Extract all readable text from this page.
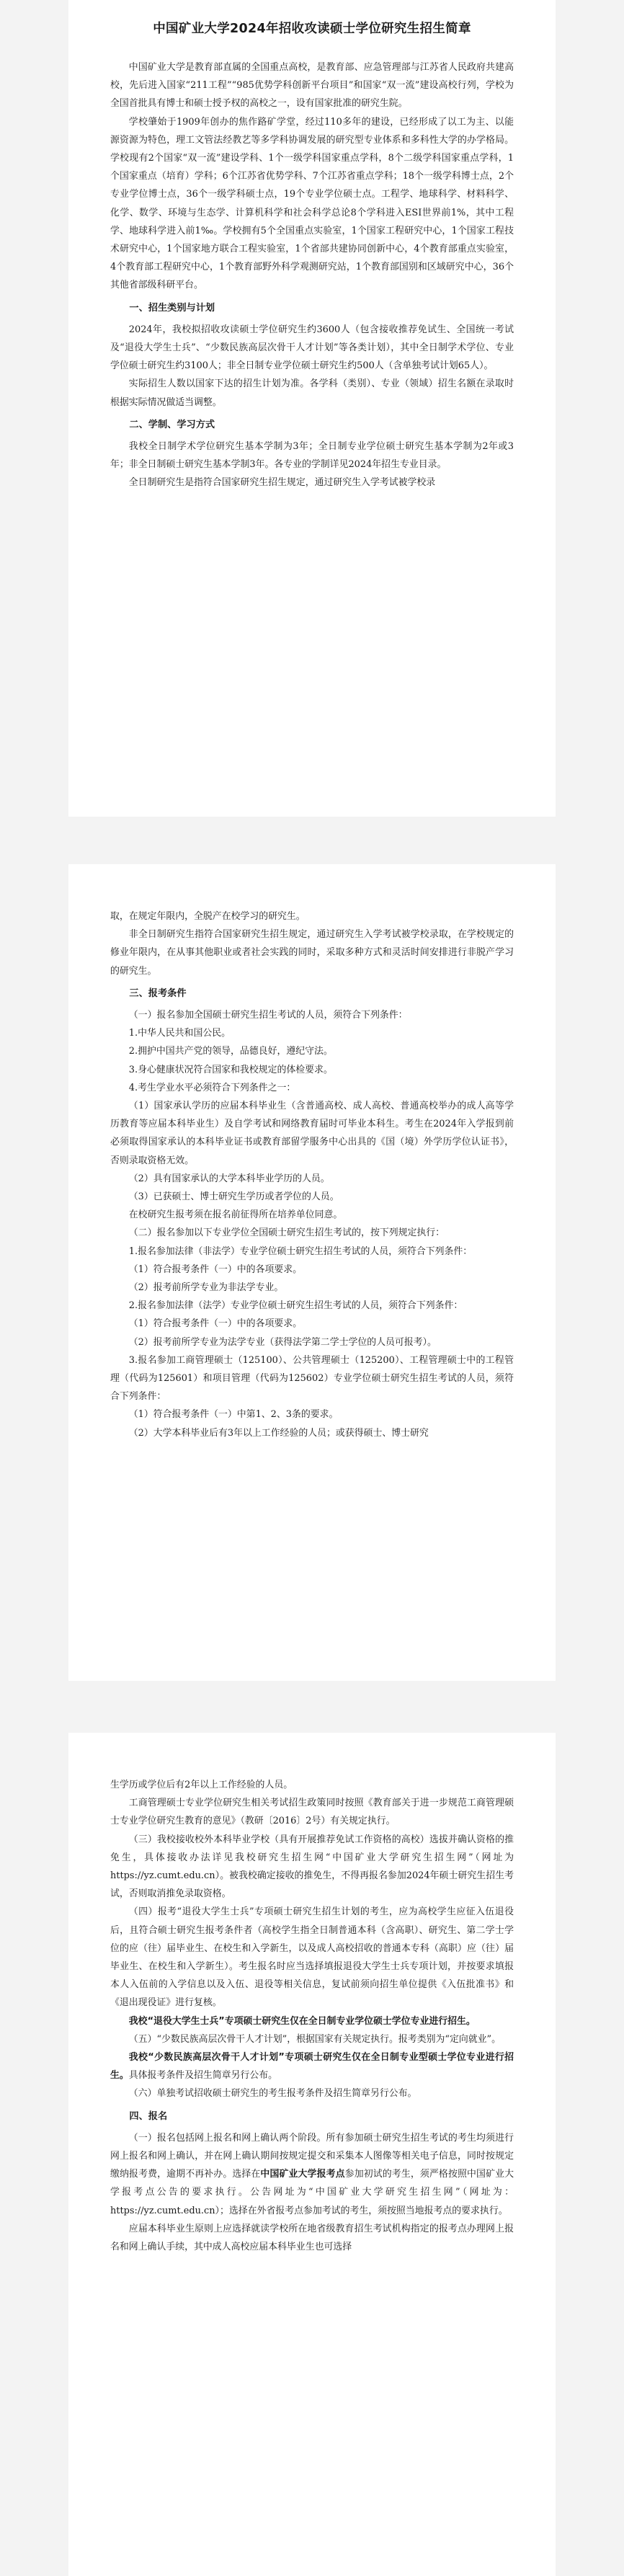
中国矿业大学2024年招收攻读硕士学位研究生招生简章

中国矿业大学是教育部直属的全国重点高校，是教育部、应急管理部与江苏省人民政府共建高校，先后进入国家“211工程”“985优势学科创新平台项目”和国家“双一流”建设高校行列，学校为全国首批具有博士和硕士授予权的高校之一，设有国家批准的研究生院。

学校肇始于1909年创办的焦作路矿学堂，经过110多年的建设，已经形成了以工为主、以能源资源为特色，理工文管法经教艺等多学科协调发展的研究型专业体系和多科性大学的办学格局。学校现有2个国家“双一流”建设学科、1个一级学科国家重点学科，8个二级学科国家重点学科，1个国家重点（培育）学科；6个江苏省优势学科、7个江苏省重点学科；18个一级学科博士点，2个专业学位博士点，36个一级学科硕士点，19个专业学位硕士点。工程学、地球科学、材料科学、化学、数学、环境与生态学、计算机科学和社会科学总论8个学科进入ESI世界前1%，其中工程学、地球科学进入前1‰。学校拥有5个全国重点实验室，1个国家工程研究中心，1个国家工程技术研究中心，1个国家地方联合工程实验室，1个省部共建协同创新中心，4个教育部重点实验室，4个教育部工程研究中心，1个教育部野外科学观测研究站，1个教育部国别和区域研究中心，36个其他省部级科研平台。

一、招生类别与计划

2024年，我校拟招收攻读硕士学位研究生约3600人（包含接收推荐免试生、全国统一考试及“退役大学生士兵”、“少数民族高层次骨干人才计划”等各类计划），其中全日制学术学位、专业学位硕士研究生约3100人；非全日制专业学位硕士研究生约500人（含单独考试计划65人）。

实际招生人数以国家下达的招生计划为准。各学科（类别）、专业（领域）招生名额在录取时根据实际情况做适当调整。

二、学制、学习方式

我校全日制学术学位研究生基本学制为3年；全日制专业学位硕士研究生基本学制为2年或3年；非全日制硕士研究生基本学制3年。各专业的学制详见2024年招生专业目录。

全日制研究生是指符合国家研究生招生规定，通过研究生入学考试被学校录

取，在规定年限内，全脱产在校学习的研究生。

非全日制研究生指符合国家研究生招生规定，通过研究生入学考试被学校录取，在学校规定的修业年限内，在从事其他职业或者社会实践的同时，采取多种方式和灵活时间安排进行非脱产学习的研究生。

三、报考条件

（一）报名参加全国硕士研究生招生考试的人员，须符合下列条件：

1.中华人民共和国公民。

2.拥护中国共产党的领导，品德良好，遵纪守法。

3.身心健康状况符合国家和我校规定的体检要求。

4.考生学业水平必须符合下列条件之一：

（1）国家承认学历的应届本科毕业生（含普通高校、成人高校、普通高校举办的成人高等学历教育等应届本科毕业生）及自学考试和网络教育届时可毕业本科生。考生在2024年入学报到前必须取得国家承认的本科毕业证书或教育部留学服务中心出具的《国（境）外学历学位认证书》，否则录取资格无效。

（2）具有国家承认的大学本科毕业学历的人员。

（3）已获硕士、博士研究生学历或者学位的人员。

在校研究生报考须在报名前征得所在培养单位同意。

（二）报名参加以下专业学位全国硕士研究生招生考试的，按下列规定执行：

1.报名参加法律（非法学）专业学位硕士研究生招生考试的人员，须符合下列条件：

（1）符合报考条件（一）中的各项要求。

（2）报考前所学专业为非法学专业。

2.报名参加法律（法学）专业学位硕士研究生招生考试的人员，须符合下列条件：

（1）符合报考条件（一）中的各项要求。

（2）报考前所学专业为法学专业（获得法学第二学士学位的人员可报考）。

3.报名参加工商管理硕士（125100）、公共管理硕士（125200）、工程管理硕士中的工程管理（代码为125601）和项目管理（代码为125602）专业学位硕士研究生招生考试的人员，须符合下列条件：

（1）符合报考条件（一）中第1、2、3条的要求。

（2）大学本科毕业后有3年以上工作经验的人员；或获得硕士、博士研究

生学历或学位后有2年以上工作经验的人员。

工商管理硕士专业学位研究生相关考试招生政策同时按照《教育部关于进一步规范工商管理硕士专业学位研究生教育的意见》（教研〔2016〕2号）有关规定执行。

（三）我校接收校外本科毕业学校（具有开展推荐免试工作资格的高校）选拔并确认资格的推免生，具体接收办法详见我校研究生招生网“中国矿业大学研究生招生网”（网址为https://yz.cumt.edu.cn）。被我校确定接收的推免生，不得再报名参加2024年硕士研究生招生考试，否则取消推免录取资格。

（四）报考“退役大学生士兵”专项硕士研究生招生计划的考生，应为高校学生应征入伍退役后，且符合硕士研究生报考条件者（高校学生指全日制普通本科（含高职）、研究生、第二学士学位的应（往）届毕业生、在校生和入学新生，以及成人高校招收的普通本专科（高职）应（往）届毕业生、在校生和入学新生）。考生报名时应当选择填报退役大学生士兵专项计划，并按要求填报本人入伍前的入学信息以及入伍、退役等相关信息，复试前须向招生单位提供《入伍批准书》和《退出现役证》进行复核。

我校“退役大学生士兵”专项硕士研究生仅在全日制专业学位硕士学位专业进行招生。

（五）“少数民族高层次骨干人才计划”，根据国家有关规定执行。报考类别为“定向就业”。

我校“少数民族高层次骨干人才计划”专项硕士研究生仅在全日制专业型硕士学位专业进行招生。具体报考条件及招生简章另行公布。

（六）单独考试招收硕士研究生的考生报考条件及招生简章另行公布。

四、报名

（一）报名包括网上报名和网上确认两个阶段。所有参加硕士研究生招生考试的考生均须进行网上报名和网上确认，并在网上确认期间按规定提交和采集本人图像等相关电子信息，同时按规定缴纳报考费，逾期不再补办。选择在中国矿业大学报考点参加初试的考生，须严格按照中国矿业大学报考点公告的要求执行。公告网址为“中国矿业大学研究生招生网”（网址为：https://yz.cumt.edu.cn）；选择在外省报考点参加考试的考生，须按照当地报考点的要求执行。

应届本科毕业生原则上应选择就读学校所在地省级教育招生考试机构指定的报考点办理网上报名和网上确认手续，其中成人高校应届本科毕业生也可选择
